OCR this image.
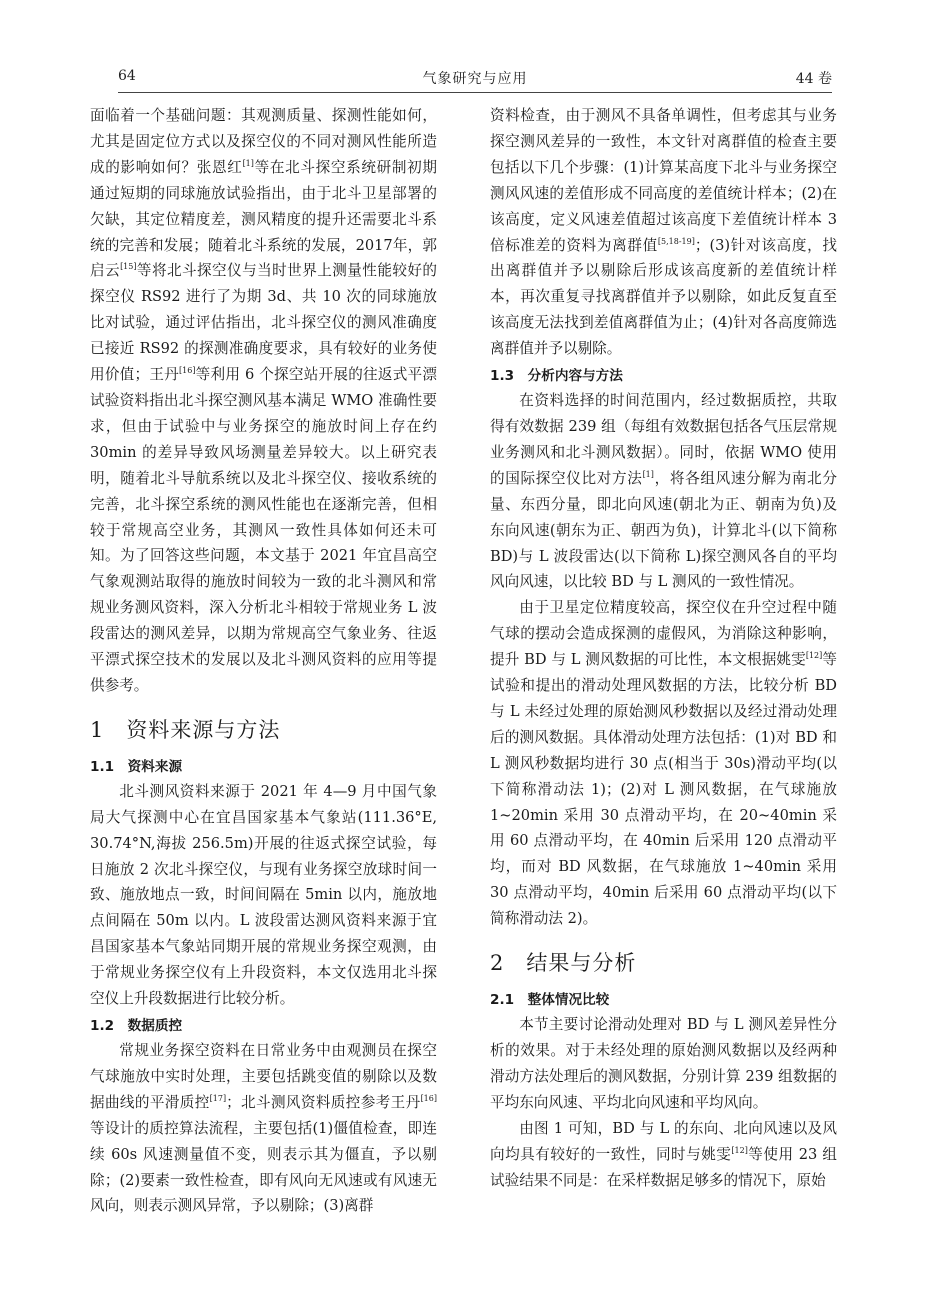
64	气象研究与应用	44 卷

面临着一个基础问题：其观测质量、探测性能如何，尤其是固定位方式以及探空仪的不同对测风性能所造成的影响如何？张恩红[1]等在北斗探空系统研制初期通过短期的同球施放试验指出，由于北斗卫星部署的欠缺，其定位精度差，测风精度的提升还需要北斗系统的完善和发展；随着北斗系统的发展，2017年，郭启云[15]等将北斗探空仪与当时世界上测量性能较好的探空仪 RS92 进行了为期 3d、共 10 次的同球施放比对试验，通过评估指出，北斗探空仪的测风准确度已接近 RS92 的探测准确度要求，具有较好的业务使用价值；王丹[16]等利用 6 个探空站开展的往返式平漂试验资料指出北斗探空测风基本满足 WMO 准确性要求，但由于试验中与业务探空的施放时间上存在约 30min 的差异导致风场测量差异较大。以上研究表明，随着北斗导航系统以及北斗探空仪、接收系统的完善，北斗探空系统的测风性能也在逐渐完善，但相较于常规高空业务，其测风一致性具体如何还未可知。为了回答这些问题，本文基于 2021 年宜昌高空气象观测站取得的施放时间较为一致的北斗测风和常规业务测风资料，深入分析北斗相较于常规业务 L 波段雷达的测风差异，以期为常规高空气象业务、往返平漂式探空技术的发展以及北斗测风资料的应用等提供参考。

1　资料来源与方法
1.1　资料来源

北斗测风资料来源于 2021 年 4—9 月中国气象局大气探测中心在宜昌国家基本气象站(111.36°E, 30.74°N,海拔 256.5m)开展的往返式探空试验，每日施放 2 次北斗探空仪，与现有业务探空放球时间一致、施放地点一致，时间间隔在 5min 以内，施放地点间隔在 50m 以内。L 波段雷达测风资料来源于宜昌国家基本气象站同期开展的常规业务探空观测，由于常规业务探空仪有上升段资料，本文仅选用北斗探空仪上升段数据进行比较分析。

1.2　数据质控

常规业务探空资料在日常业务中由观测员在探空气球施放中实时处理，主要包括跳变值的剔除以及数据曲线的平滑质控[17]；北斗测风资料质控参考王丹[16]等设计的质控算法流程，主要包括(1)僵值检查，即连续 60s 风速测量值不变，则表示其为僵直，予以剔除；(2)要素一致性检查，即有风向无风速或有风速无风向，则表示测风异常，予以剔除；(3)离群

资料检查，由于测风不具备单调性，但考虑其与业务探空测风差异的一致性，本文针对离群值的检查主要包括以下几个步骤：(1)计算某高度下北斗与业务探空测风风速的差值形成不同高度的差值统计样本；(2)在该高度，定义风速差值超过该高度下差值统计样本 3 倍标准差的资料为离群值[5,18-19]；(3)针对该高度，找出离群值并予以剔除后形成该高度新的差值统计样本，再次重复寻找离群值并予以剔除，如此反复直至该高度无法找到差值离群值为止；(4)针对各高度筛选离群值并予以剔除。

1.3　分析内容与方法

在资料选择的时间范围内，经过数据质控，共取得有效数据 239 组（每组有效数据包括各气压层常规业务测风和北斗测风数据）。同时，依据 WMO 使用的国际探空仪比对方法[1]，将各组风速分解为南北分量、东西分量，即北向风速(朝北为正、朝南为负)及东向风速(朝东为正、朝西为负)，计算北斗(以下简称 BD)与 L 波段雷达(以下简称 L)探空测风各自的平均风向风速，以比较 BD 与 L 测风的一致性情况。

由于卫星定位精度较高，探空仪在升空过程中随气球的摆动会造成探测的虚假风，为消除这种影响，提升 BD 与 L 测风数据的可比性，本文根据姚雯[12]等试验和提出的滑动处理风数据的方法，比较分析 BD 与 L 未经过处理的原始测风秒数据以及经过滑动处理后的测风数据。具体滑动处理方法包括：(1)对 BD 和 L 测风秒数据均进行 30 点(相当于 30s)滑动平均(以下简称滑动法 1)；(2)对 L 测风数据，在气球施放 1~20min 采用 30 点滑动平均，在 20~40min 采用 60 点滑动平均，在 40min 后采用 120 点滑动平均，而对 BD 风数据，在气球施放 1~40min 采用 30 点滑动平均，40min 后采用 60 点滑动平均(以下简称滑动法 2)。

2　结果与分析
2.1　整体情况比较

本节主要讨论滑动处理对 BD 与 L 测风差异性分析的效果。对于未经处理的原始测风数据以及经两种滑动方法处理后的测风数据，分别计算 239 组数据的平均东向风速、平均北向风速和平均风向。

由图 1 可知，BD 与 L 的东向、北向风速以及风向均具有较好的一致性，同时与姚雯[12]等使用 23 组试验结果不同是：在采样数据足够多的情况下，原始
